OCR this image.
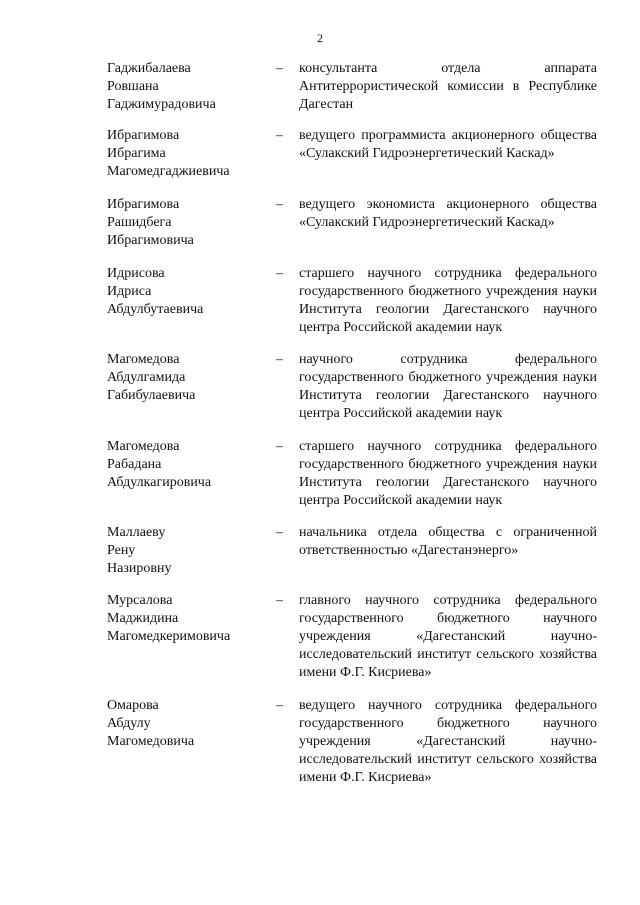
2
Гаджибалаева
Ровшана
Гаджимурадовича
– консультанта отдела аппарата Антитеррористической комиссии в Республике Дагестан
Ибрагимова
Ибрагима
Магомедгаджиевича
– ведущего программиста акционерного общества «Сулакский Гидроэнергетический Каскад»
Ибрагимова
Рашидбега
Ибрагимовича
– ведущего экономиста акционерного общества «Сулакский Гидроэнергетический Каскад»
Идрисова
Идриса
Абдулбутаевича
– старшего научного сотрудника федерального государственного бюджетного учреждения науки Института геологии Дагестанского научного центра Российской академии наук
Магомедова
Абдулгамида
Габибулаевича
– научного сотрудника федерального государственного бюджетного учреждения науки Института геологии Дагестанского научного центра Российской академии наук
Магомедова
Рабадана
Абдулкагировича
– старшего научного сотрудника федерального государственного бюджетного учреждения науки Института геологии Дагестанского научного центра Российской академии наук
Маллаеву
Рену
Назировну
– начальника отдела общества с ограниченной ответственностью «Дагестанэнерго»
Мурсалова
Маджидина
Магомедкеримовича
– главного научного сотрудника федерального государственного бюджетного научного учреждения «Дагестанский научно-исследовательский институт сельского хозяйства имени Ф.Г. Кисриева»
Омарова
Абдулу
Магомедовича
– ведущего научного сотрудника федерального государственного бюджетного научного учреждения «Дагестанский научно-исследовательский институт сельского хозяйства имени Ф.Г. Кисриева»
